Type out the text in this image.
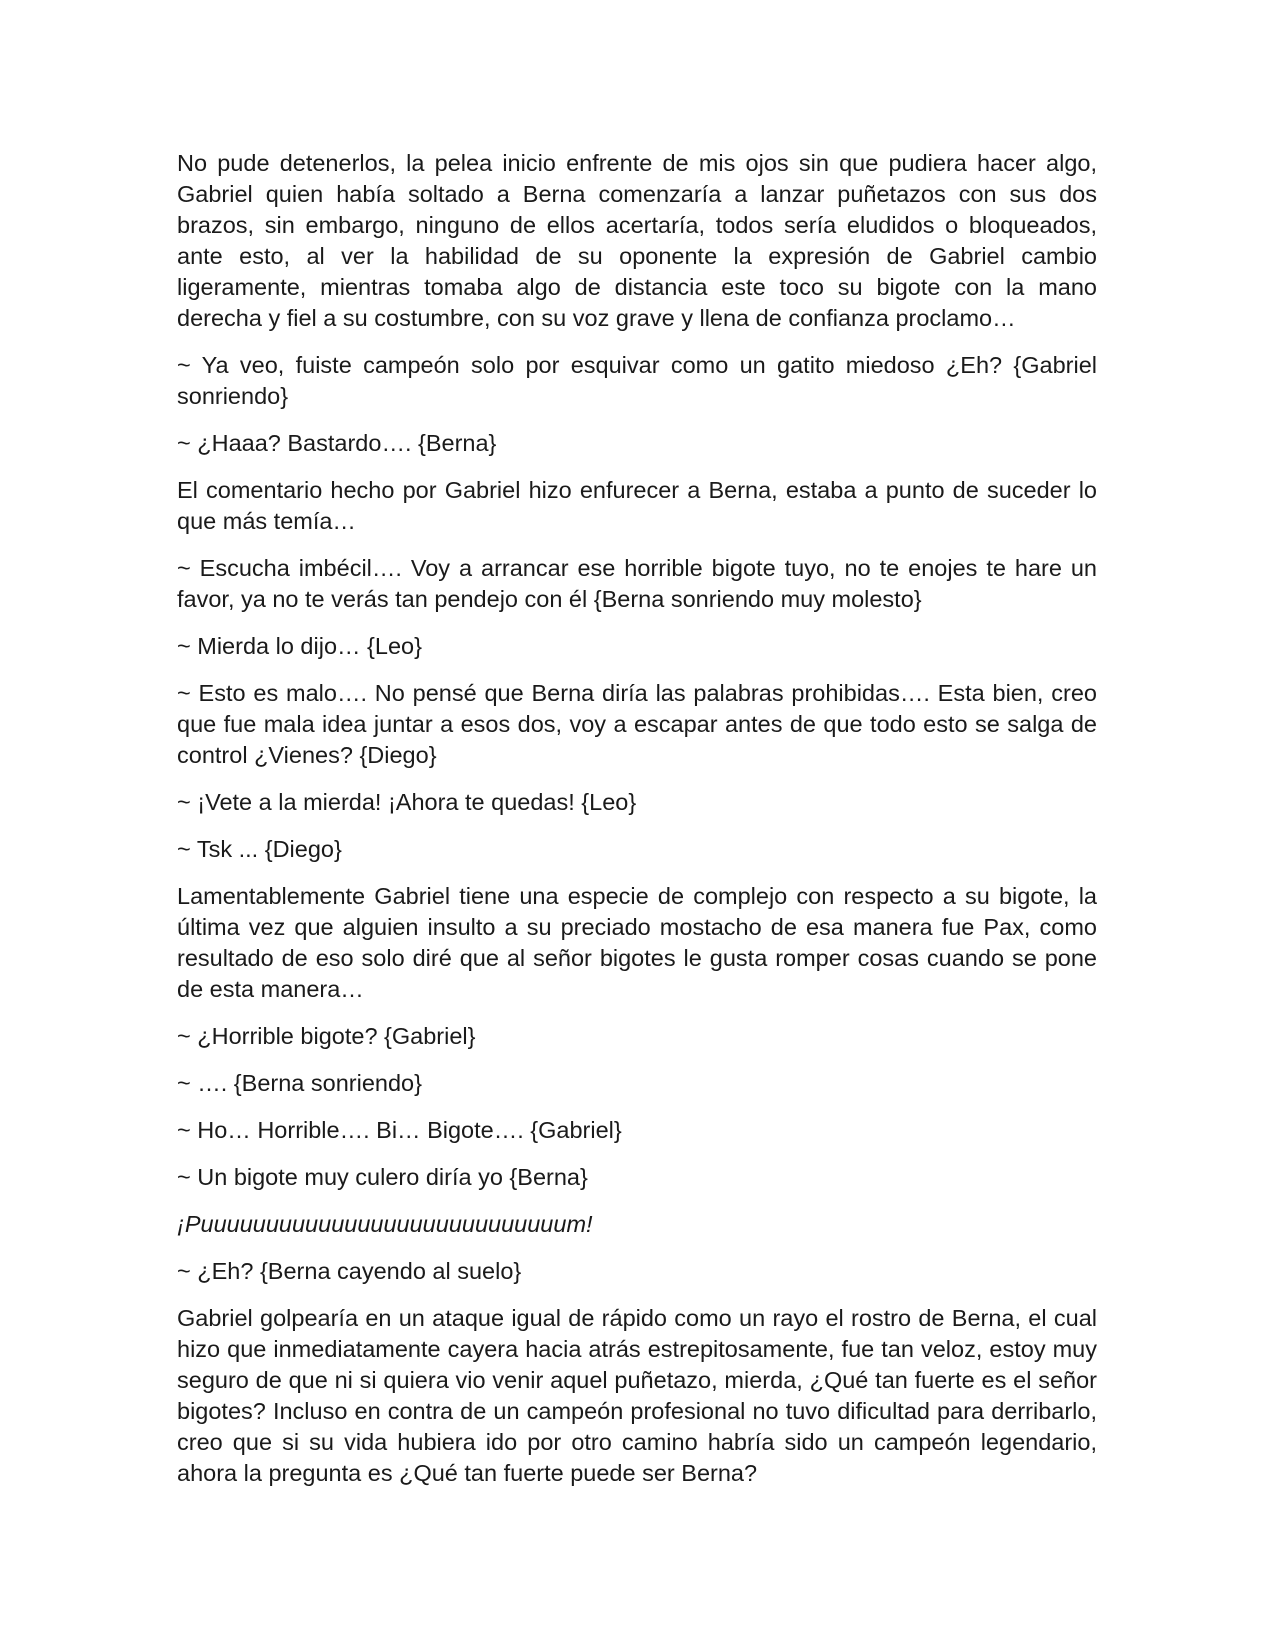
No pude detenerlos, la pelea inicio enfrente de mis ojos sin que pudiera hacer algo, Gabriel quien había soltado a Berna comenzaría a lanzar puñetazos con sus dos brazos, sin embargo, ninguno de ellos acertaría, todos sería eludidos o bloqueados, ante esto, al ver la habilidad de su oponente la expresión de Gabriel cambio ligeramente, mientras tomaba algo de distancia este toco su bigote con la mano derecha y fiel a su costumbre, con su voz grave y llena de confianza proclamo…

~ Ya veo, fuiste campeón solo por esquivar como un gatito miedoso ¿Eh? {Gabriel sonriendo}

~ ¿Haaa? Bastardo…. {Berna}

El comentario hecho por Gabriel hizo enfurecer a Berna, estaba a punto de suceder lo que más temía…

~ Escucha imbécil…. Voy a arrancar ese horrible bigote tuyo, no te enojes te hare un favor, ya no te verás tan pendejo con él {Berna sonriendo muy molesto}

~ Mierda lo dijo… {Leo}

~ Esto es malo…. No pensé que Berna diría las palabras prohibidas…. Esta bien, creo que fue mala idea juntar a esos dos, voy a escapar antes de que todo esto se salga de control ¿Vienes? {Diego}

~ ¡Vete a la mierda! ¡Ahora te quedas! {Leo}

~ Tsk ... {Diego}

Lamentablemente Gabriel tiene una especie de complejo con respecto a su bigote, la última vez que alguien insulto a su preciado mostacho de esa manera fue Pax, como resultado de eso solo diré que al señor bigotes le gusta romper cosas cuando se pone de esta manera…

~ ¿Horrible bigote? {Gabriel}

~ …. {Berna sonriendo}

~ Ho… Horrible…. Bi… Bigote…. {Gabriel}

~ Un bigote muy culero diría yo {Berna}

¡Puuuuuuuuuuuuuuuuuuuuuuuuuuuum!

~ ¿Eh? {Berna cayendo al suelo}

Gabriel golpearía en un ataque igual de rápido como un rayo el rostro de Berna, el cual hizo que inmediatamente cayera hacia atrás estrepitosamente, fue tan veloz, estoy muy seguro de que ni si quiera vio venir aquel puñetazo, mierda, ¿Qué tan fuerte es el señor bigotes? Incluso en contra de un campeón profesional no tuvo dificultad para derribarlo, creo que si su vida hubiera ido por otro camino habría sido un campeón legendario, ahora la pregunta es ¿Qué tan fuerte puede ser Berna?
